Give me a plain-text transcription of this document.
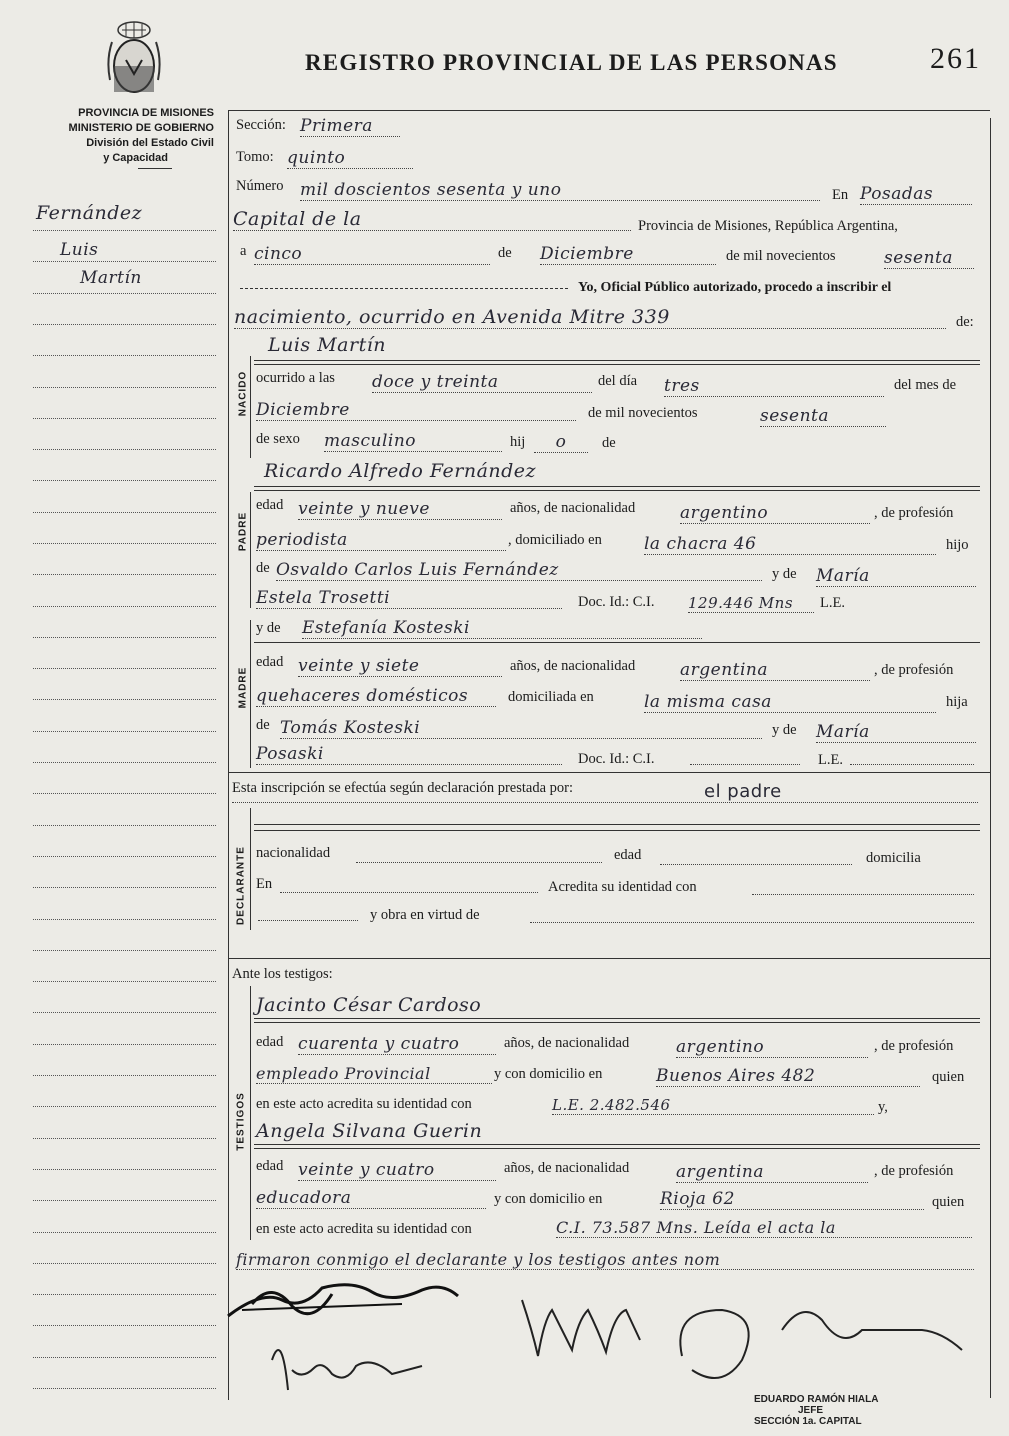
REGISTRO PROVINCIAL DE LAS PERSONAS	261
PROVINCIA DE MISIONES
MINISTERIO DE GOBIERNO
División del Estado Civil
y Capacidad
Fernández
Luis
Martín
NACIDO
PADRE
MADRE
DECLARANTE
TESTIGOS
Sección: Primera
Tomo: quinto
Número mil doscientos sesenta y uno	En Posadas
Capital de la	Provincia de Misiones, República Argentina,
a cinco	de Diciembre	de mil novecientos	sesenta
Yo, Oficial Público autorizado, procedo a inscribir el
nacimiento, ocurrido en Avenida Mitre 339	de:
Luis Martín
ocurrido a las doce y treinta	del día tres	del mes de
Diciembre	de mil novecientos	sesenta
de sexo masculino	hij	o	de
Ricardo Alfredo Fernández
edad veinte y nueve	años, de nacionalidad	argentino	, de profesión
periodista	, domiciliado en la chacra 46	hijo
de Osvaldo Carlos Luis Fernández	y de María
Estela Trosetti	Doc. Id.: C.I. 129.446 Mns	L.E.
y de Estefanía Kosteski
edad veinte y siete	años, de nacionalidad	argentina	, de profesión
quehaceres domésticos	domiciliada en	la misma casa	hija
de Tomás Kosteski	y de María
Posaski	Doc. Id.: C.I.	L.E.
Esta inscripción se efectúa según declaración prestada por:	el padre
nacionalidad	edad	domicilia
En	Acredita su identidad con
y obra en virtud de
Ante los testigos:
Jacinto César Cardoso
edad cuarenta y cuatro	años, de nacionalidad	argentino	, de profesión
empleado Provincial	y con domicilio en	Buenos Aires 482	quien
en este acto acredita su identidad con	L.E. 2.482.546	y,
Angela Silvana Guerin
edad veinte y cuatro	años, de nacionalidad	argentina	, de profesión
educadora	y con domicilio en	Rioja 62	quien
en este acto acredita su identidad con	C.I. 73.587 Mns. Leída el acta la
firmaron conmigo el declarante y los testigos antes nom
EDUARDO RAMÓN HIALA
JEFE
SECCIÓN 1a. CAPITAL
